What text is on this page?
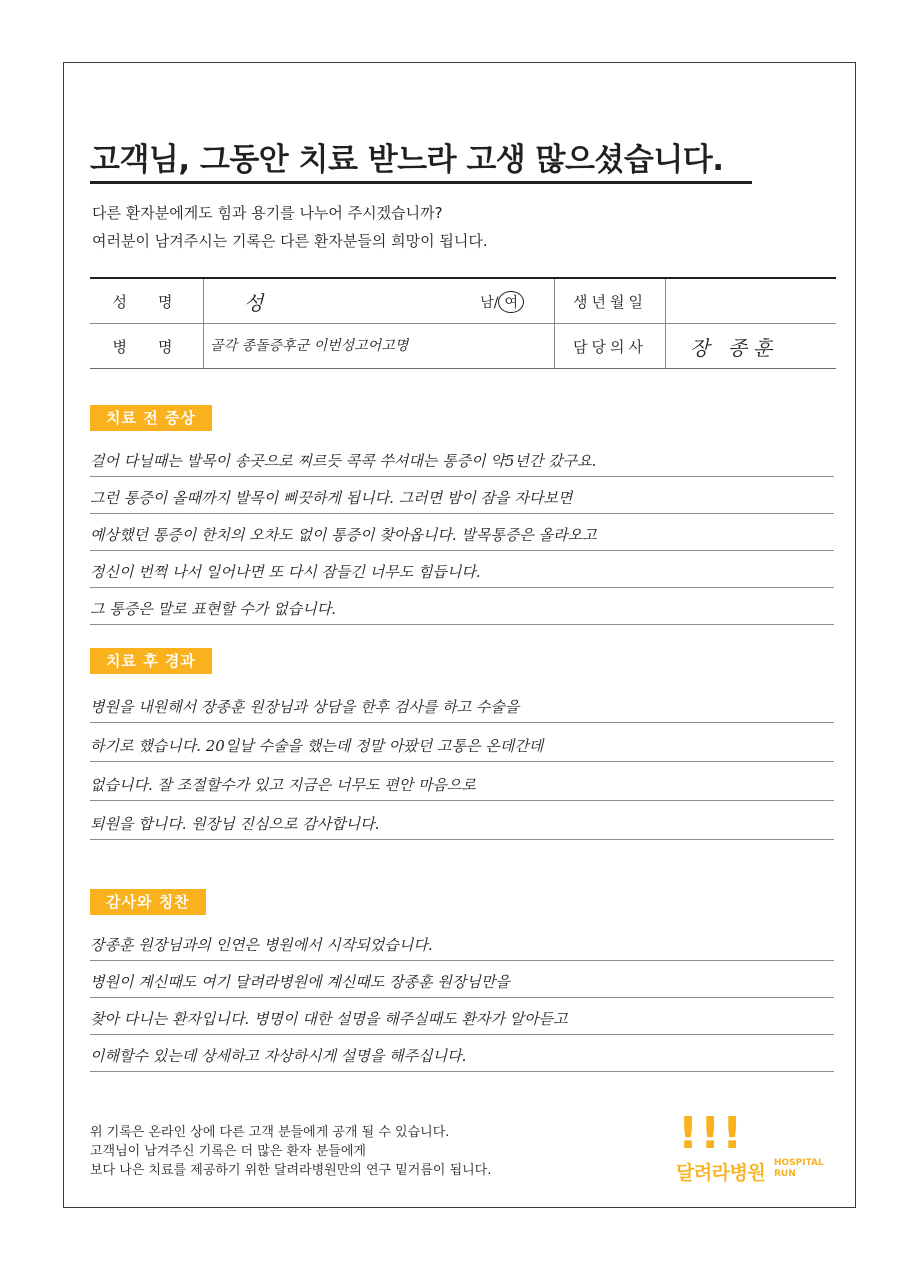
고객님, 그동안 치료 받느라 고생 많으셨습니다.
다른 환자분에게도 힘과 용기를 나누어 주시겠습니까?
여러분이 남겨주시는 기록은 다른 환자분들의 희망이 됩니다.
성　명	성	남/ 여	생년월일
병　명	골각 종돌증후군 이번성고어고명	담당의사	장 종훈
치료 전 증상
걸어 다닐때는 발목이 송곳으로 찌르듯 콕콕 쑤셔대는 통증이 약5년간 갔구요.
그런 통증이 올때까지 발목이 삐끗하게 됩니다. 그러면 밤이 잠을 자다보면
예상했던 통증이 한치의 오차도 없이 통증이 찾아옵니다. 발목통증은 올라오고
정신이 번쩍 나서 일어나면 또 다시 잠들긴 너무도 힘듭니다.
그 통증은 말로 표현할 수가 없습니다.
치료 후 경과
병원을 내원해서 장종훈 원장님과 상담을 한후 검사를 하고 수술을
하기로 했습니다. 20일날 수술을 했는데 정말 아팠던 고통은 온데간데
없습니다. 잘 조절할수가 있고 지금은 너무도 편안 마음으로
퇴원을 합니다. 원장님 진심으로 감사합니다.
감사와 칭찬
장종훈 원장님과의 인연은 병원에서 시작되었습니다.
병원이 계신때도 여기 달려라병원에 계신때도 장종훈 원장님만을
찾아 다니는 환자입니다. 병명이 대한 설명을 해주실때도 환자가 알아듣고
이해할수 있는데 상세하고 자상하시게 설명을 해주십니다.
위 기록은 온라인 상에 다른 고객 분들에게 공개 될 수 있습니다.
고객님이 남겨주신 기록은 더 많은 환자 분들에게
보다 나은 치료를 제공하기 위한 달려라병원만의 연구 밑거름이 됩니다.
!!!
달려라병원 HOSPITAL
RUN
